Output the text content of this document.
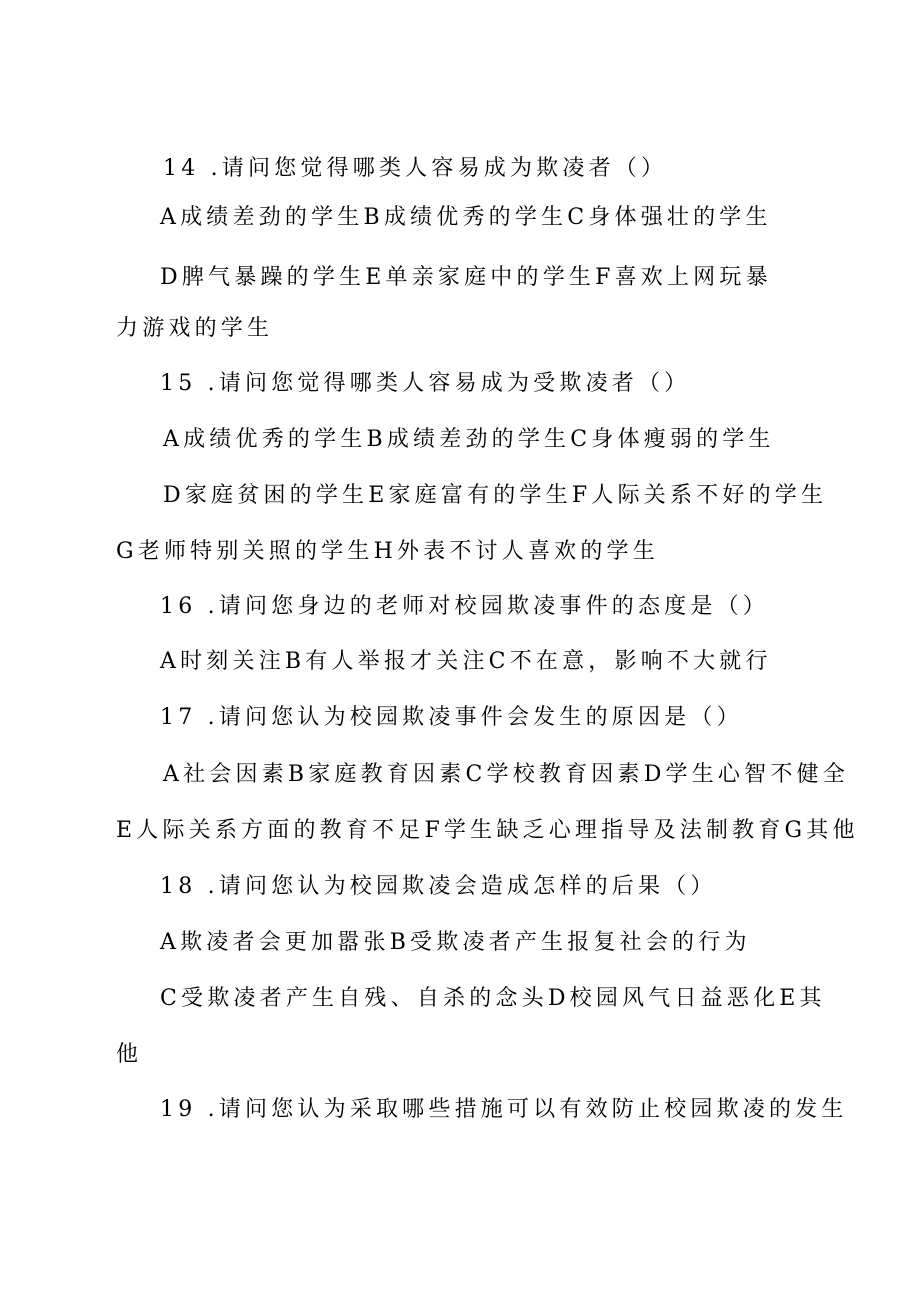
14 .请问您觉得哪类人容易成为欺凌者（）

A成绩差劲的学生B成绩优秀的学生C身体强壮的学生

D脾气暴躁的学生E单亲家庭中的学生F喜欢上网玩暴

力游戏的学生

15 .请问您觉得哪类人容易成为受欺凌者（）

A成绩优秀的学生B成绩差劲的学生C身体瘦弱的学生

D家庭贫困的学生E家庭富有的学生F人际关系不好的学生

G老师特别关照的学生H外表不讨人喜欢的学生

16 .请问您身边的老师对校园欺凌事件的态度是（）

A时刻关注B有人举报才关注C不在意，影响不大就行

17 .请问您认为校园欺凌事件会发生的原因是（）

A社会因素B家庭教育因素C学校教育因素D学生心智不健全

E人际关系方面的教育不足F学生缺乏心理指导及法制教育G其他

18 .请问您认为校园欺凌会造成怎样的后果（）

A欺凌者会更加嚣张B受欺凌者产生报复社会的行为

C受欺凌者产生自残、自杀的念头D校园风气日益恶化E其

他

19 .请问您认为采取哪些措施可以有效防止校园欺凌的发生
